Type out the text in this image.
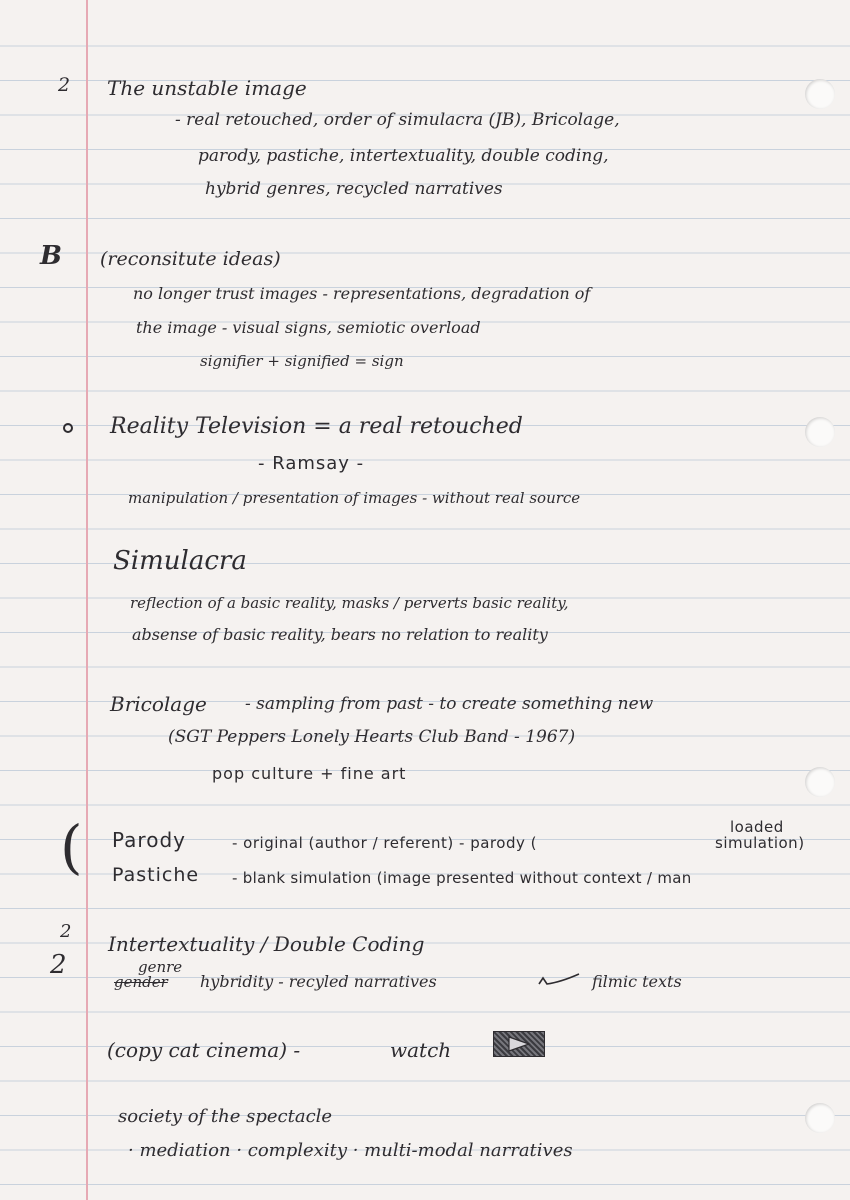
2 The unstable image
- real retouched, order of simulacra (JB), Bricolage,
parody, pastiche, intertextuality, double coding,
hybrid genres, recycled narratives
B (reconsitute ideas)
no longer trust images - representations, degradation of
the image - visual signs, semiotic overload
signifier + signified = sign
Reality Television = a real retouched
- Ramsay -
manipulation / presentation of images - without real source
Simulacra
reflection of a basic reality, masks / perverts basic reality,
absense of basic reality, bears no relation to reality
Bricolage - sampling from past - to create something new
(SGT Peppers Lonely Hearts Club Band - 1967)
pop culture + fine art
( Parody	- original (author / referent) - parody (
loaded
simulation)
Pastiche - blank simulation (image presented without context / man
2
2
Intertextuality / Double Coding
genre
gender hybridity - recyled narratives	filmic texts
(copy cat cinema) -	watch
society of the spectacle
· mediation · complexity · multi-modal narratives
